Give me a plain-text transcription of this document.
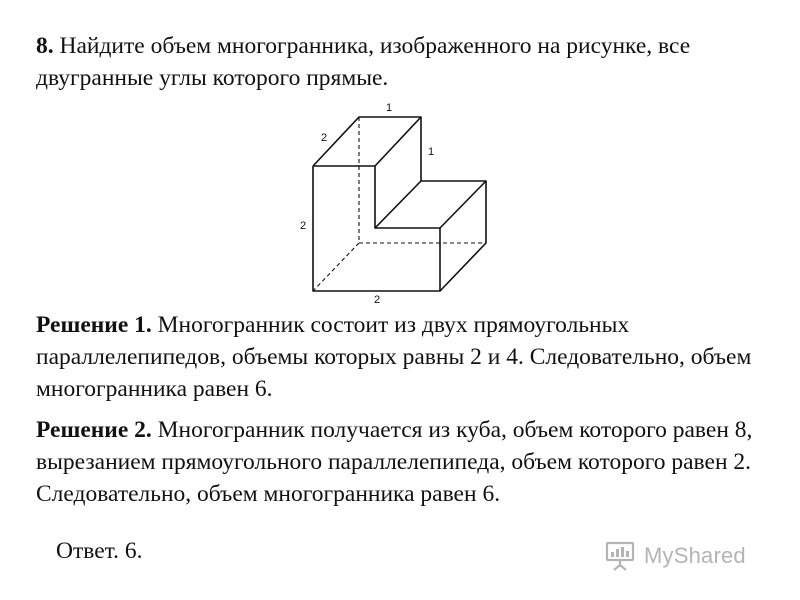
8. Найдите объем многогранника, изображенного на рисунке, все двугранные углы которого прямые.
1
2
1
2
2
Решение 1. Многогранник состоит из двух прямоугольных параллелепипедов, объемы которых равны 2 и 4. Следовательно, объем многогранника равен 6.
Решение 2. Многогранник получается из куба, объем которого равен 8, вырезанием прямоугольного параллелепипеда, объем которого равен 2. Следовательно, объем многогранника равен 6.
Ответ. 6.	MyShared
